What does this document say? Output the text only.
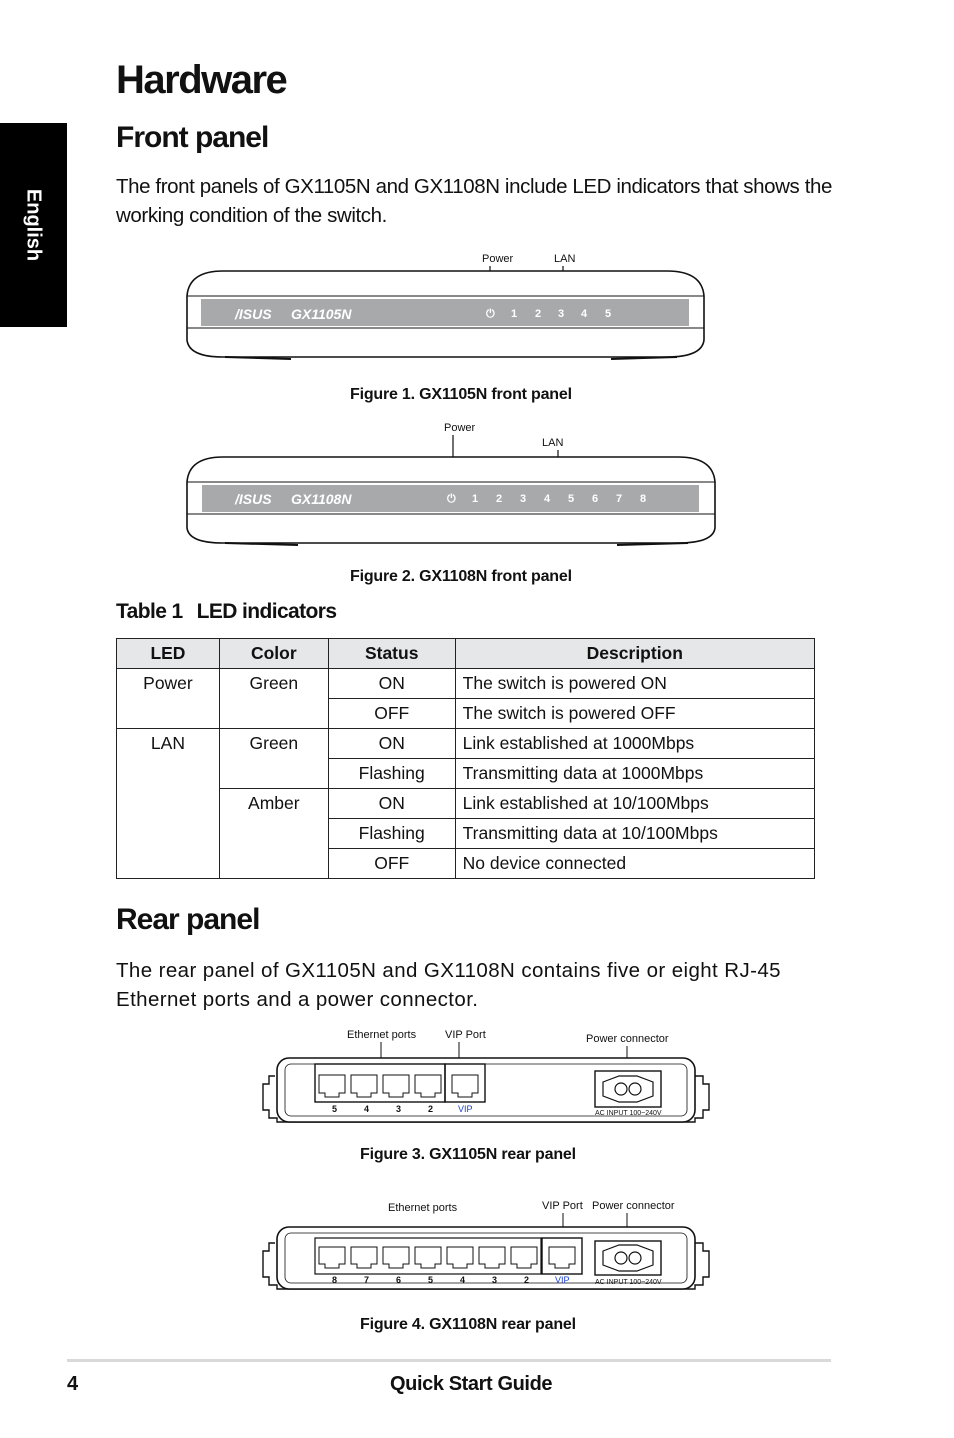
English
Hardware
Front panel

The front panels of GX1105N and GX1108N include LED indicators that shows the working condition of the switch.

Power	LAN
/ISUS GX1105N	⏻ 1 2 3 4 5
Figure 1. GX1105N front panel
Power
LAN
/ISUS GX1108N	⏻ 1 2 3 4 5 6 7 8
Figure 2. GX1108N front panel
Table 1 LED indicators
LED	Color	Status	Description
Power	Green	ON	The switch is powered ON
		OFF	The switch is powered OFF
LAN	Green	ON	Link established at 1000Mbps
		Flashing	Transmitting data at 1000Mbps
	Amber	ON	Link established at 10/100Mbps
		Flashing	Transmitting data at 10/100Mbps
		OFF	No device connected
Rear panel

The rear panel of GX1105N and GX1108N contains five or eight RJ-45
Ethernet ports and a power connector.

Ethernet ports	VIP Port	Power connector
5	4	3	2	VIP	AC INPUT 100~240V
Figure 3. GX1105N rear panel
Ethernet ports	VIP Port Power connector
8	7	6	5	4	3	2	VIP	AC INPUT 100~240V
Figure 4. GX1108N rear panel
4	Quick Start Guide
